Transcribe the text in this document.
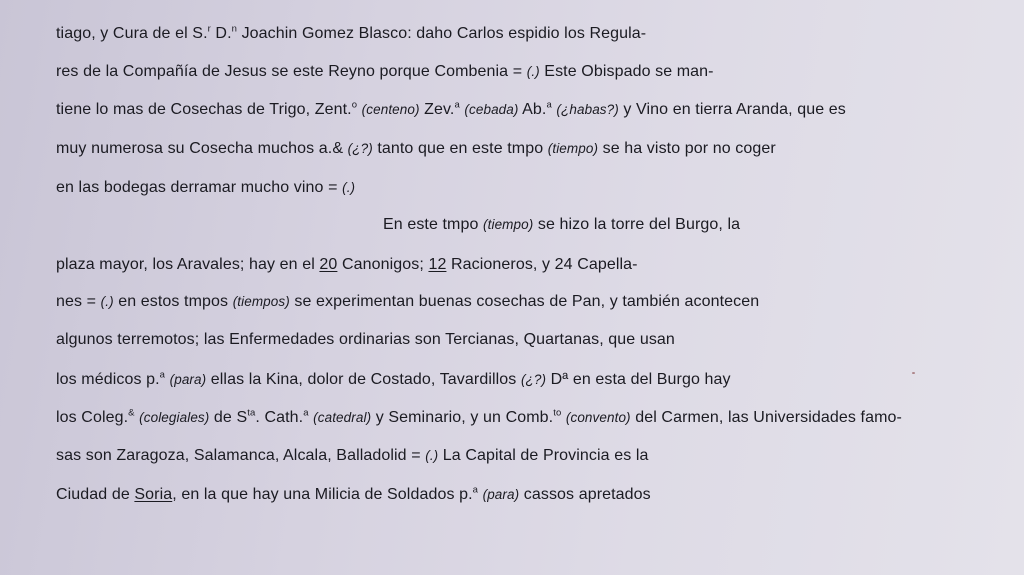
tiago, y Cura de el S.$^r$ D.$^n$ Joachin Gomez Blasco: daho Carlos espidio los Regula-
res de la Compañía de Jesus se este Reyno porque Combenia = (.) Este Obispado se man-
tiene lo mas de Cosechas de Trigo, Zent.$^o$ (centeno) Zev.$^a$ (cebada) Ab.$^a$ (¿habas?) y Vino en tierra Aranda, que es
muy numerosa su Cosecha muchos a.& (¿?) tanto que en este tmpo (tiempo) se ha visto por no coger
en las bodegas derramar mucho vino = (.)
En este tmpo (tiempo) se hizo la torre del Burgo, la
plaza mayor, los Aravales; hay en el 20 Canonigos; 12 Racioneros, y 24 Capella-
nes = (.) en estos tmpos (tiempos) se experimentan buenas cosechas de Pan, y también acontecen
algunos terremotos; las Enfermedades ordinarias son Tercianas, Quartanas, que usan
los médicos p.$^a$ (para) ellas la Kina, dolor de Costado, Tavardillos (¿?) Dª en esta del Burgo hay
los Coleg.& (colegiales) de $S^{ta}$. Cath.$^a$ (catedral) y Seminario, y un Comb.$^{to}$ (convento) del Carmen, las Universidades famo-
sas son Zaragoza, Salamanca, Alcala, Balladolid = (.) La Capital de Provincia es la
Ciudad de Soria, en la que hay una Milicia de Soldados p.$^a$ (para) cassos apretados
